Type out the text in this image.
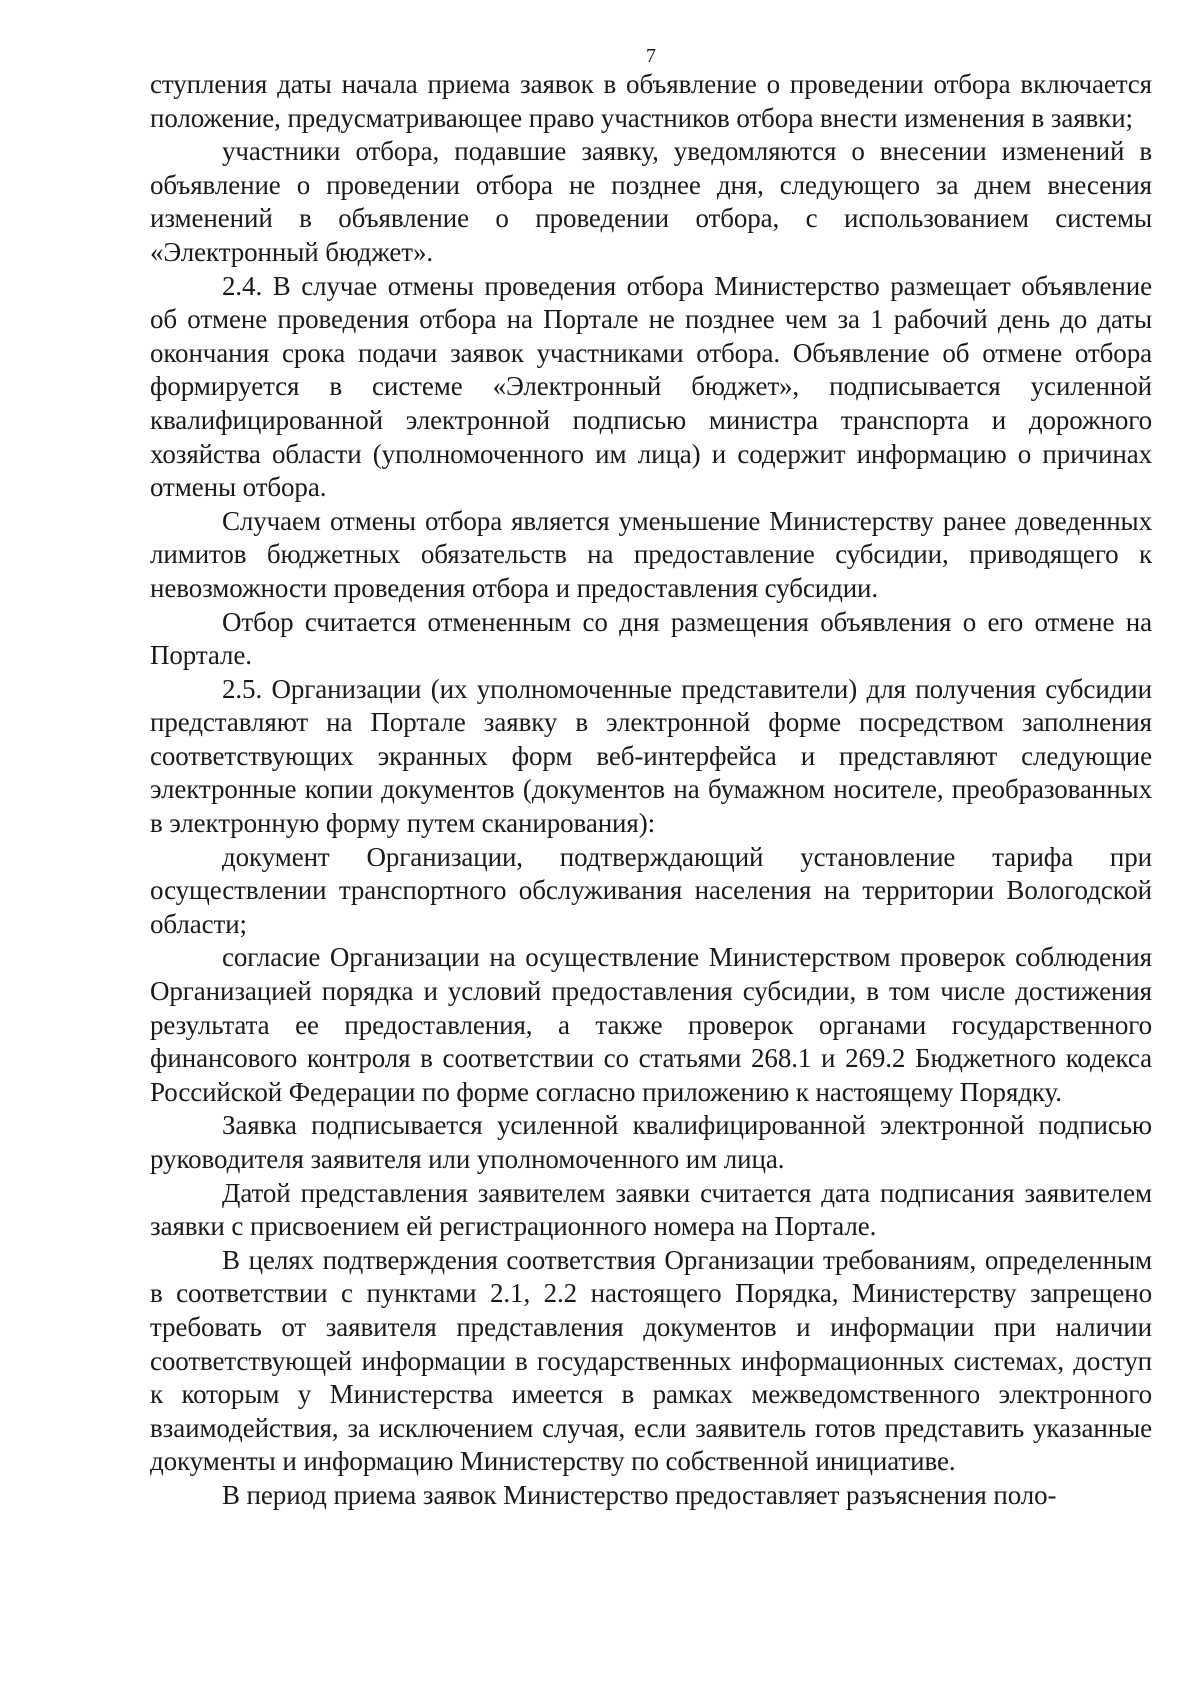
7

ступления даты начала приема заявок в объявление о проведении отбора включается положение, предусматривающее право участников отбора внести изменения в заявки;

участники отбора, подавшие заявку, уведомляются о внесении изменений в объявление о проведении отбора не позднее дня, следующего за днем внесения изменений в объявление о проведении отбора, с использованием системы «Электронный бюджет».

2.4. В случае отмены проведения отбора Министерство размещает объявление об отмене проведения отбора на Портале не позднее чем за 1 рабочий день до даты окончания срока подачи заявок участниками отбора. Объявление об отмене отбора формируется в системе «Электронный бюджет», подписывается усиленной квалифицированной электронной подписью министра транспорта и дорожного хозяйства области (уполномоченного им лица) и содержит информацию о причинах отмены отбора.

Случаем отмены отбора является уменьшение Министерству ранее доведенных лимитов бюджетных обязательств на предоставление субсидии, приводящего к невозможности проведения отбора и предоставления субсидии.

Отбор считается отмененным со дня размещения объявления о его отмене на Портале.

2.5. Организации (их уполномоченные представители) для получения субсидии представляют на Портале заявку в электронной форме посредством заполнения соответствующих экранных форм веб-интерфейса и представляют следующие электронные копии документов (документов на бумажном носителе, преобразованных в электронную форму путем сканирования):

документ Организации, подтверждающий установление тарифа при осуществлении транспортного обслуживания населения на территории Вологодской области;

согласие Организации на осуществление Министерством проверок соблюдения Организацией порядка и условий предоставления субсидии, в том числе достижения результата ее предоставления, а также проверок органами государственного финансового контроля в соответствии со статьями 268.1 и 269.2 Бюджетного кодекса Российской Федерации по форме согласно приложению к настоящему Порядку.

Заявка подписывается усиленной квалифицированной электронной подписью руководителя заявителя или уполномоченного им лица.

Датой представления заявителем заявки считается дата подписания заявителем заявки с присвоением ей регистрационного номера на Портале.

В целях подтверждения соответствия Организации требованиям, определенным в соответствии с пунктами 2.1, 2.2 настоящего Порядка, Министерству запрещено требовать от заявителя представления документов и информации при наличии соответствующей информации в государственных информационных системах, доступ к которым у Министерства имеется в рамках межведомственного электронного взаимодействия, за исключением случая, если заявитель готов представить указанные документы и информацию Министерству по собственной инициативе.

В период приема заявок Министерство предоставляет разъяснения поло-
